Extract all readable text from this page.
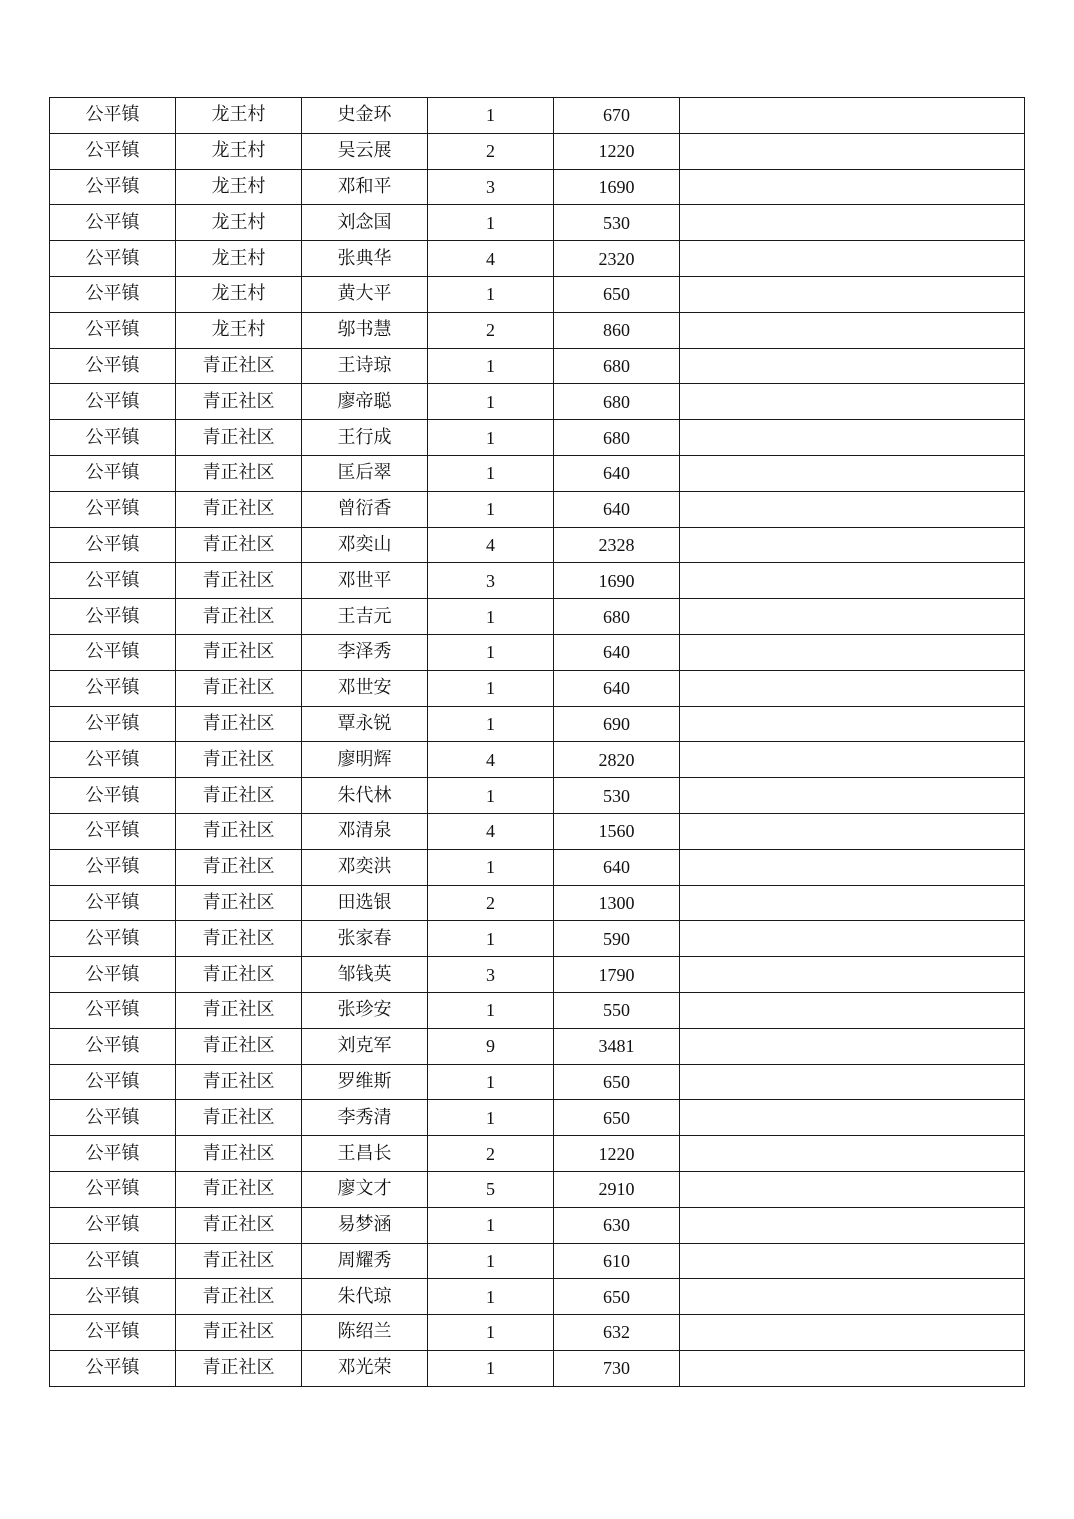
公平镇	龙王村	史金环	1	670	
公平镇	龙王村	吴云展	2	1220	
公平镇	龙王村	邓和平	3	1690	
公平镇	龙王村	刘念国	1	530	
公平镇	龙王村	张典华	4	2320	
公平镇	龙王村	黄大平	1	650	
公平镇	龙王村	邬书慧	2	860	
公平镇	青正社区	王诗琼	1	680	
公平镇	青正社区	廖帝聪	1	680	
公平镇	青正社区	王行成	1	680	
公平镇	青正社区	匡后翠	1	640	
公平镇	青正社区	曾衍香	1	640	
公平镇	青正社区	邓奕山	4	2328	
公平镇	青正社区	邓世平	3	1690	
公平镇	青正社区	王吉元	1	680	
公平镇	青正社区	李泽秀	1	640	
公平镇	青正社区	邓世安	1	640	
公平镇	青正社区	覃永锐	1	690	
公平镇	青正社区	廖明辉	4	2820	
公平镇	青正社区	朱代林	1	530	
公平镇	青正社区	邓清泉	4	1560	
公平镇	青正社区	邓奕洪	1	640	
公平镇	青正社区	田选银	2	1300	
公平镇	青正社区	张家春	1	590	
公平镇	青正社区	邹钱英	3	1790	
公平镇	青正社区	张珍安	1	550	
公平镇	青正社区	刘克军	9	3481	
公平镇	青正社区	罗维斯	1	650	
公平镇	青正社区	李秀清	1	650	
公平镇	青正社区	王昌长	2	1220	
公平镇	青正社区	廖文才	5	2910	
公平镇	青正社区	易梦涵	1	630	
公平镇	青正社区	周耀秀	1	610	
公平镇	青正社区	朱代琼	1	650	
公平镇	青正社区	陈绍兰	1	632	
公平镇	青正社区	邓光荣	1	730	
